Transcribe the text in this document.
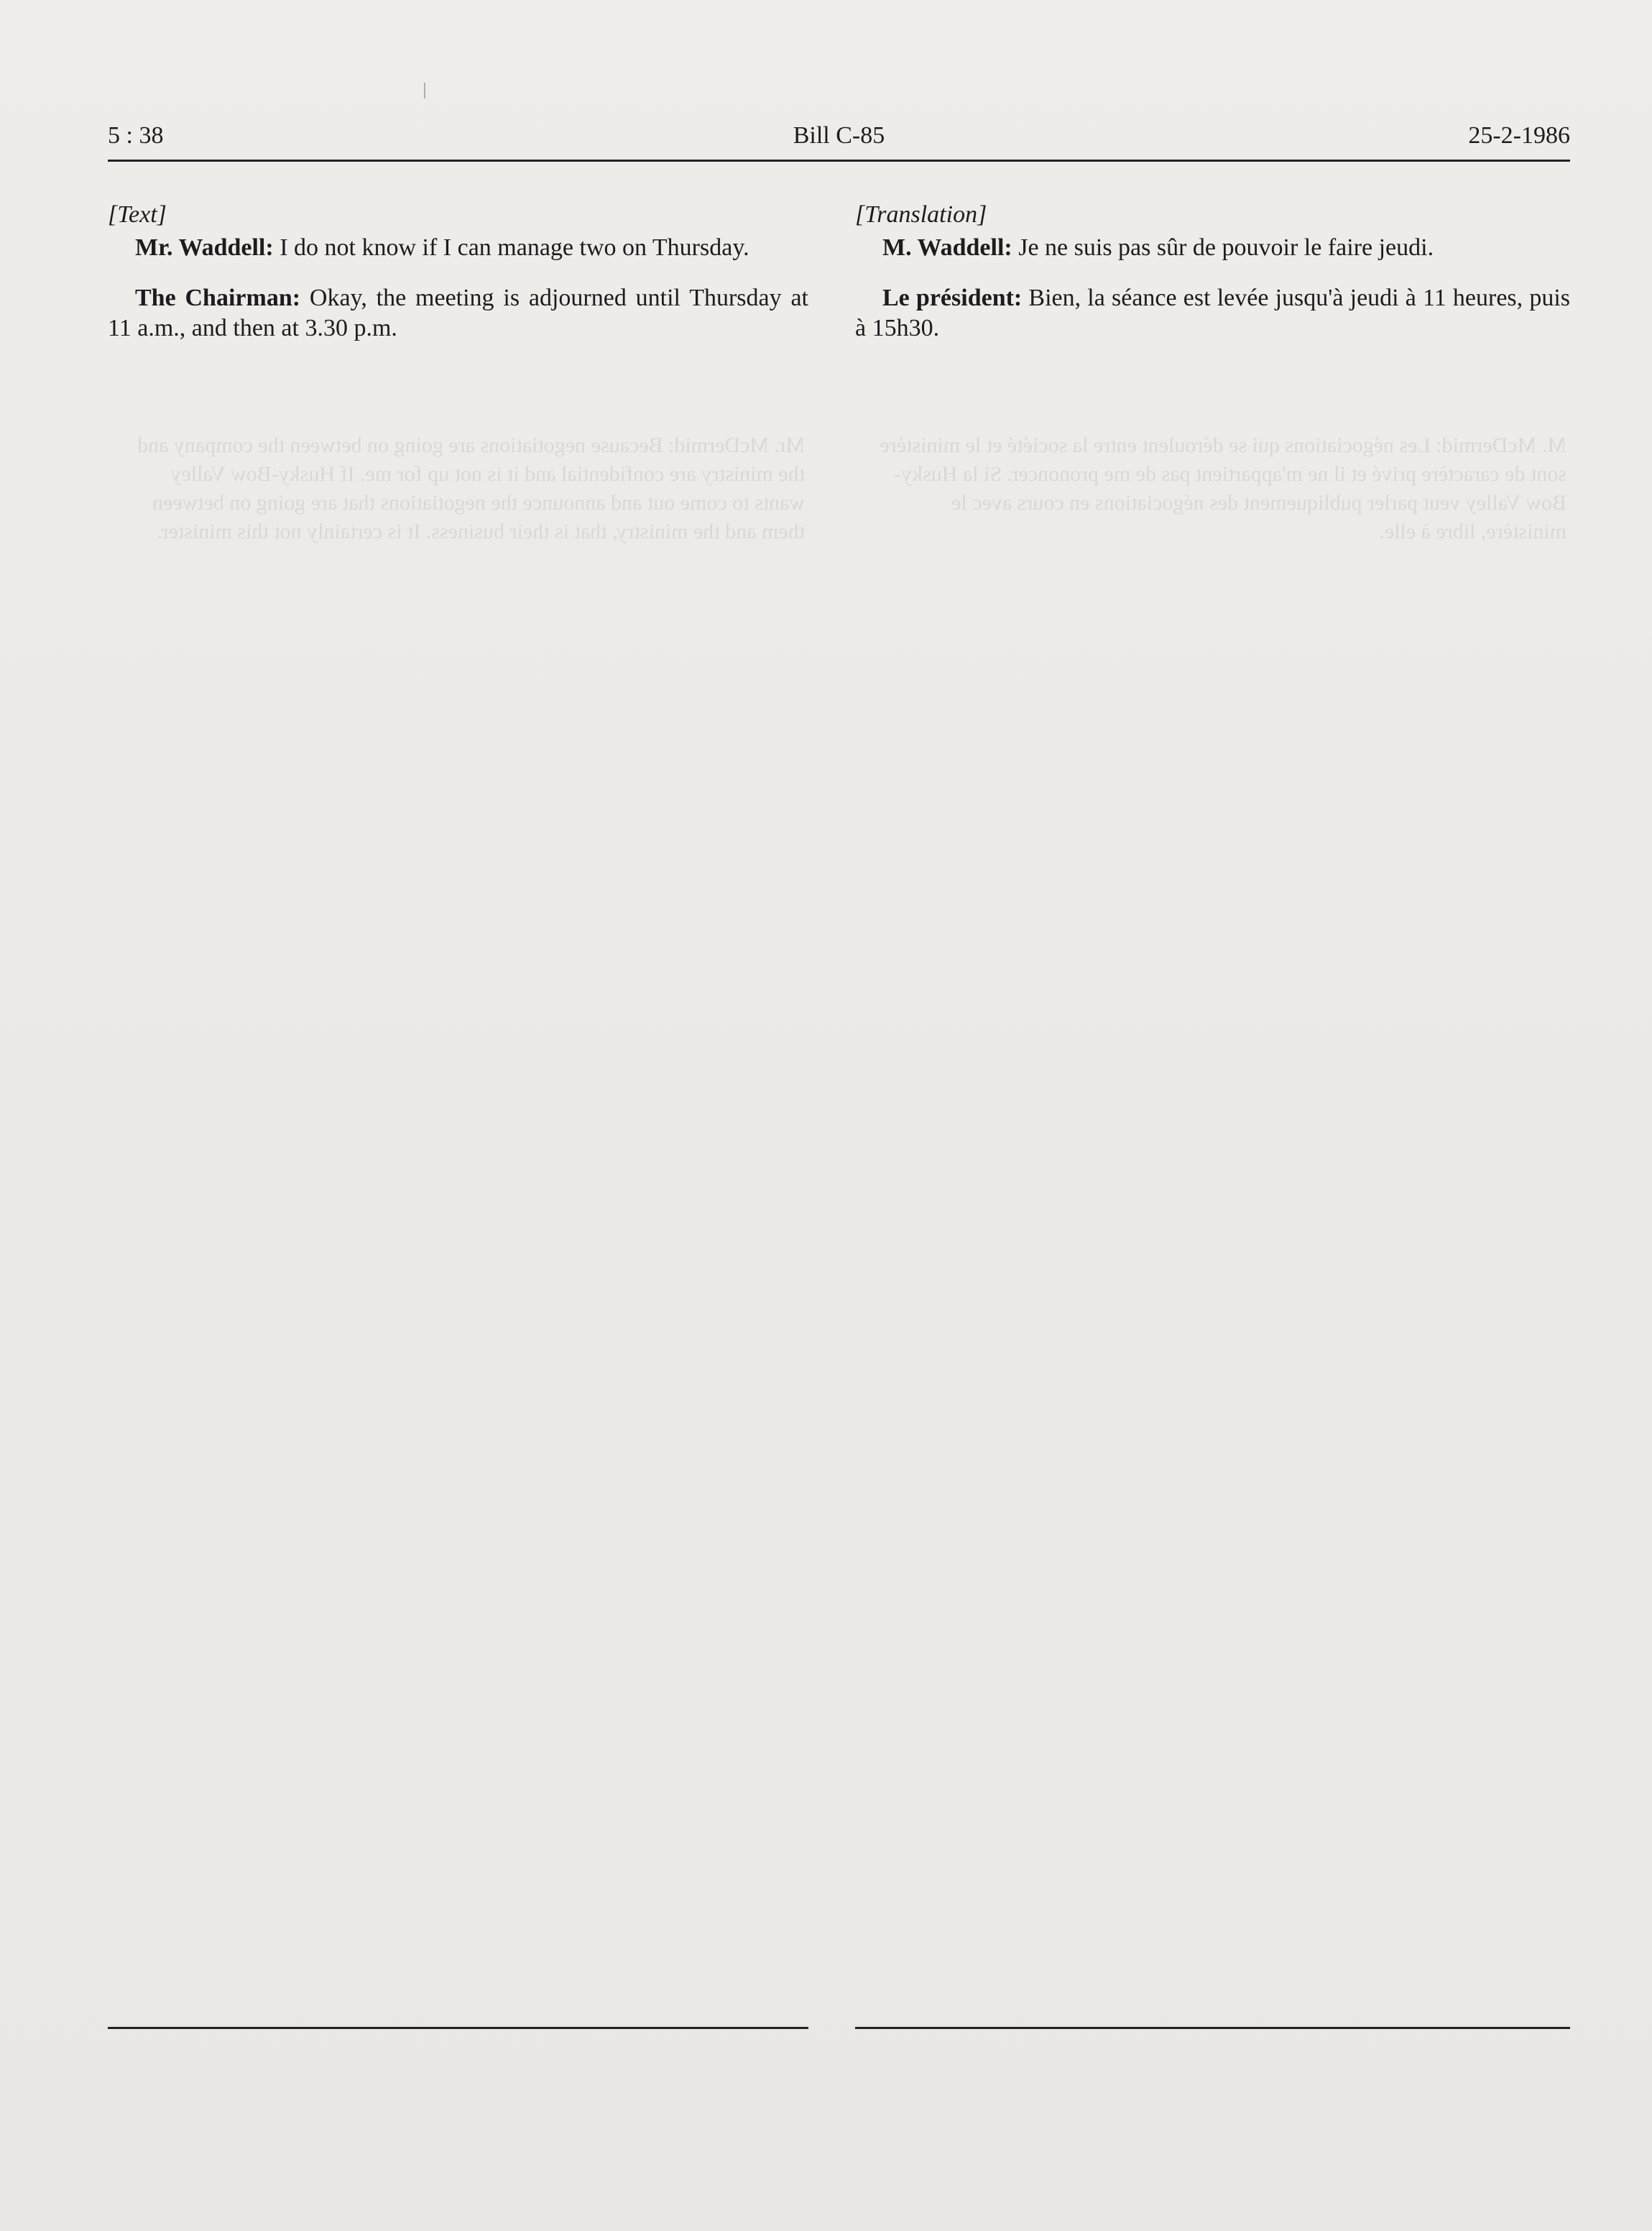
Mr. McDermid: Because negotiations are going on between the company and the ministry are confidential and it is not up for me. If Husky-Bow Valley wants to come out and announce the negotiations that are going on between them and the ministry, that is their business. It is certainly not this minister.
M. McDermid: Les négociations qui se déroulent entre la société et le ministère sont de caractère privé et il ne m'appartient pas de me prononcer. Si la Husky-Bow Valley veut parler publiquement des négociations en cours avec le ministère, libre à elle.
5 : 38	Bill C-85	25-2-1986
[Text]

Mr. Waddell: I do not know if I can manage two on Thursday.

The Chairman: Okay, the meeting is adjourned until Thursday at 11 a.m., and then at 3.30 p.m.

[Translation]

M. Waddell: Je ne suis pas sûr de pouvoir le faire jeudi.

Le président: Bien, la séance est levée jusqu'à jeudi à 11 heures, puis à 15h30.
